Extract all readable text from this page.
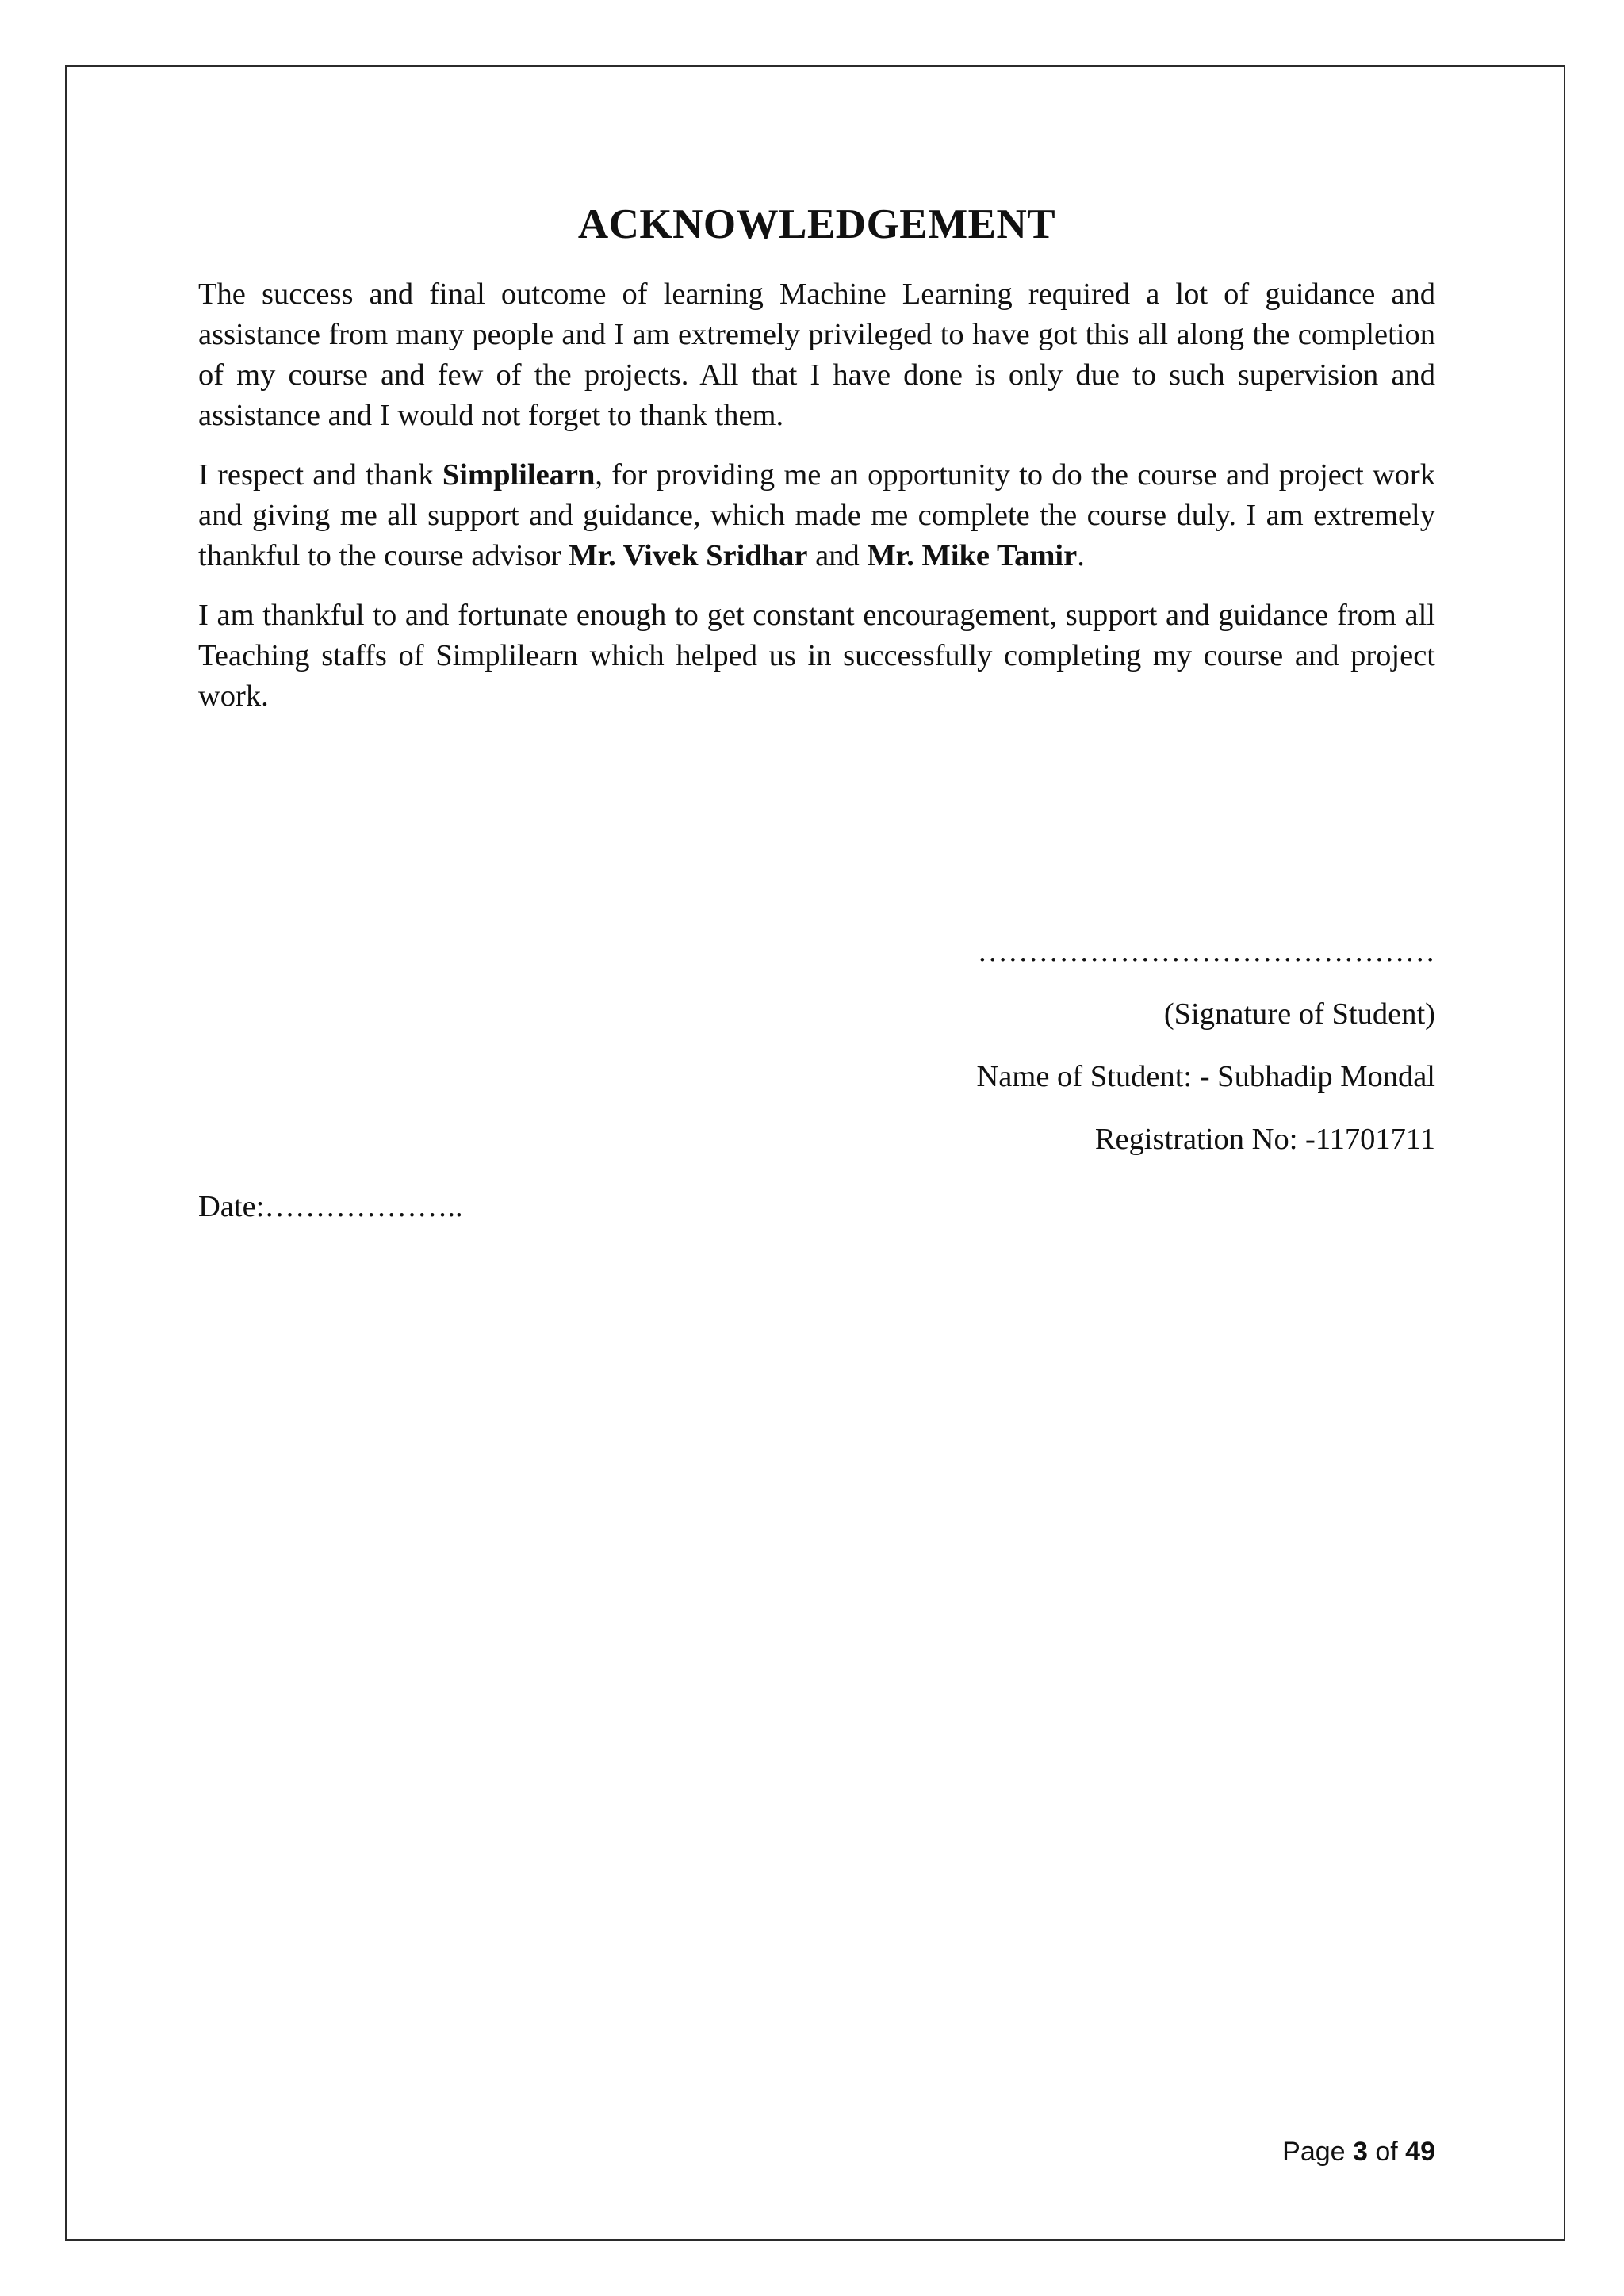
ACKNOWLEDGEMENT

The success and final outcome of learning Machine Learning required a lot of guidance and assistance from many people and I am extremely privileged to have got this all along the completion of my course and few of the projects. All that I have done is only due to such supervision and assistance and I would not forget to thank them.

I respect and thank Simplilearn, for providing me an opportunity to do the course and project work and giving me all support and guidance, which made me complete the course duly. I am extremely thankful to the course advisor Mr. Vivek Sridhar and Mr. Mike Tamir.

I am thankful to and fortunate enough to get constant encouragement, support and guidance from all Teaching staffs of Simplilearn which helped us in successfully completing my course and project work.

………………………………………
(Signature of Student)
Name of Student: - Subhadip Mondal
Registration No: -11701711
Date:………………..
Page 3 of 49
